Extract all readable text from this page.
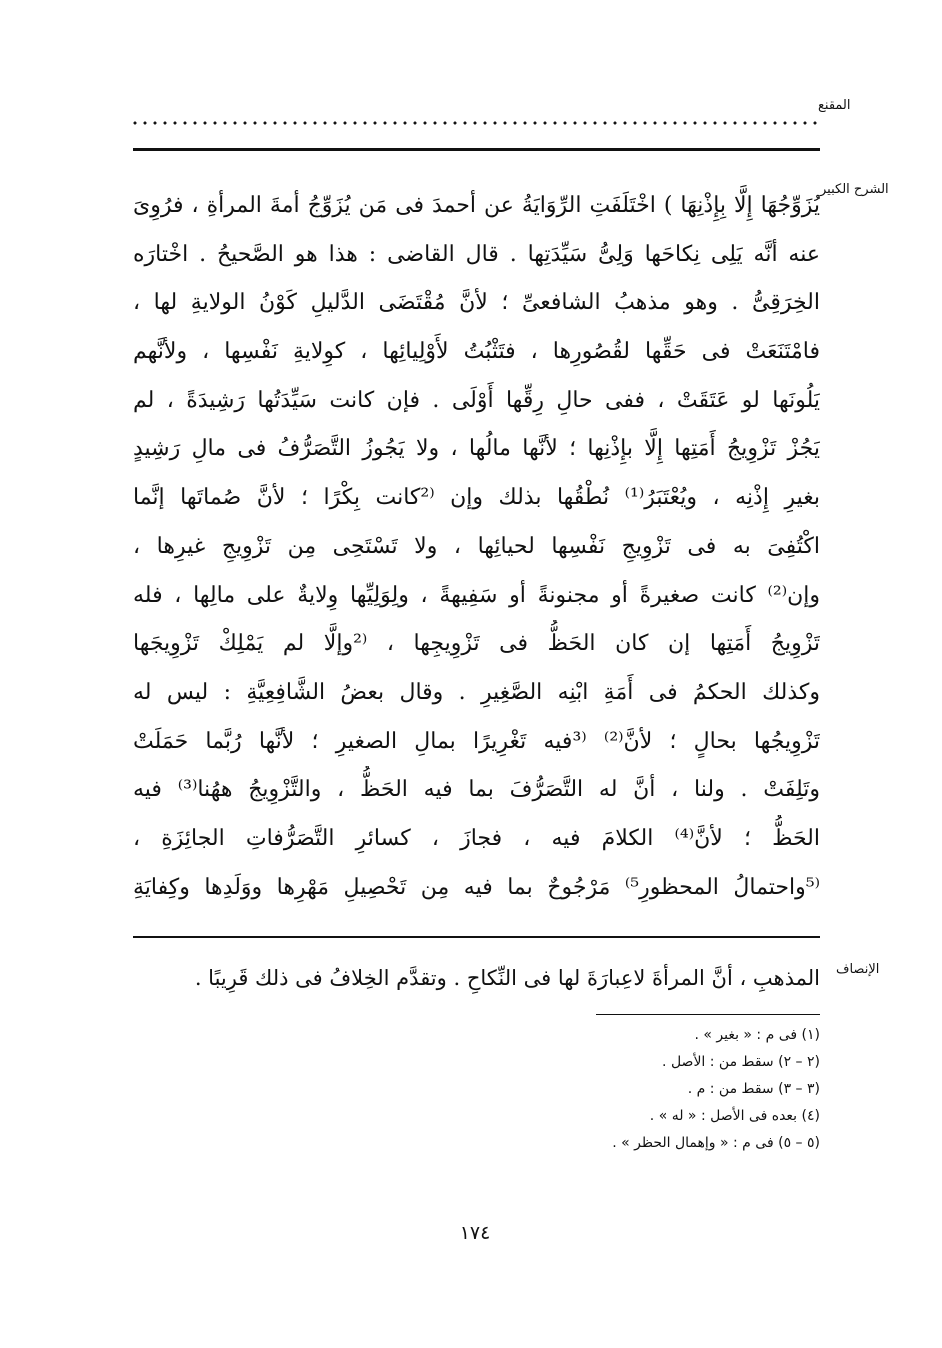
المقنع
الشرح الكبير
يُزَوِّجُهَا إِلَّا بِإِذْنِهَا ) اخْتَلَفَتِ الرِّوَايَةُ عن أحمدَ فى مَن يُزَوِّجُ أمةَ المرأةِ ، فرُوِىَ
عنه أنَّه يَلِى نِكاحَها وَلِىُّ سَيِّدَتِها . قال القاضى : هذا هو الصَّحيحُ . اخْتارَه
الخِرَقِىُّ . وهو مذهبُ الشافعىِّ ؛ لأنَّ مُقْتَضَى الدَّليلِ كَوْنُ الولايةِ لها ،
فامْتَنَعَتْ فى حَقِّها لقُصُورِها ، فتَثْبُتُ لأَوْلِيائِها ، كوِلايةِ نَفْسِها ، ولأنَّهم
يَلُونَها لو عَتَقَتْ ، ففى حالِ رِقِّها أَوْلَى . فإن كانت سَيِّدَتُها رَشِيدَةً ، لم
يَجُزْ تَزْوِيجُ أَمَتِها إِلَّا بإِذْنِها ؛ لأنَّها مالُها ، ولا يَجُوزُ التَّصَرُّفُ فى مالِ رَشِيدٍ
بغيرِ إِذْنِه ، ويُعْتَبَرُ⁽¹⁾ نُطْقُها بذلك وإن ⁽²كانت بِكْرًا ؛ لأنَّ صُماتَها إنَّما
اكْتُفِىَ به فى تَزْوِيجِ نَفْسِها لحيائِها ، ولا تَسْتَحِى مِن تَزْوِيجِ غيرِها ،
وإن⁽²⁾ كانت صغيرةً أو مجنونةً أو سَفِيهةً ، ولِوَلِيِّها وِلايةٌ على مالِها ، فله
تَزْوِيجُ أَمَتِها إن كان الحَظُّ فى تَزْوِيجِها ، ⁽²وإلَّا لم يَمْلِكْ تَزْوِيجَها
وكذلك الحكمُ فى أَمَةِ ابْنِه الصَّغِيرِ . وقال بعضُ الشَّافِعِيَّةِ : ليس له
تَزْوِيجُها بحالٍ ؛ لأنَّ⁽²⁾ ⁽³فيه تَغْرِيرًا بمالِ الصغيرِ ؛ لأنَّها رُبَّما حَمَلَتْ
وتَلِفَتْ . ولنا ، أنَّ له التَّصَرُّفَ بما فيه الحَظُّ ، والتَّزْوِيجُ ههُنا⁽³⁾ فيه
الحَظُّ ؛ لأنَّ⁽⁴⁾ الكلامَ فيه ، فجازَ ، كسائرِ التَّصَرُّفاتِ الجائِزَةِ ،
⁽⁵واحتمالُ المحظورِ⁵⁾ مَرْجُوحٌ بما فيه مِن تَحْصِيلِ مَهْرِها ووَلَدِها وكِفايَةِ
الإنصاف
المذهبِ ، أنَّ المرأةَ لاعِبارَةَ لها فى النِّكاحِ . وتقدَّم الخِلافُ فى ذلك قَرِيبًا .
(١) فى م : « بغير » .
(٢ – ٢) سقط من : الأصل .
(٣ – ٣) سقط من : م .
(٤) بعده فى الأصل : « له » .
(٥ – ٥) فى م : « وإهمال الحظر » .
١٧٤
